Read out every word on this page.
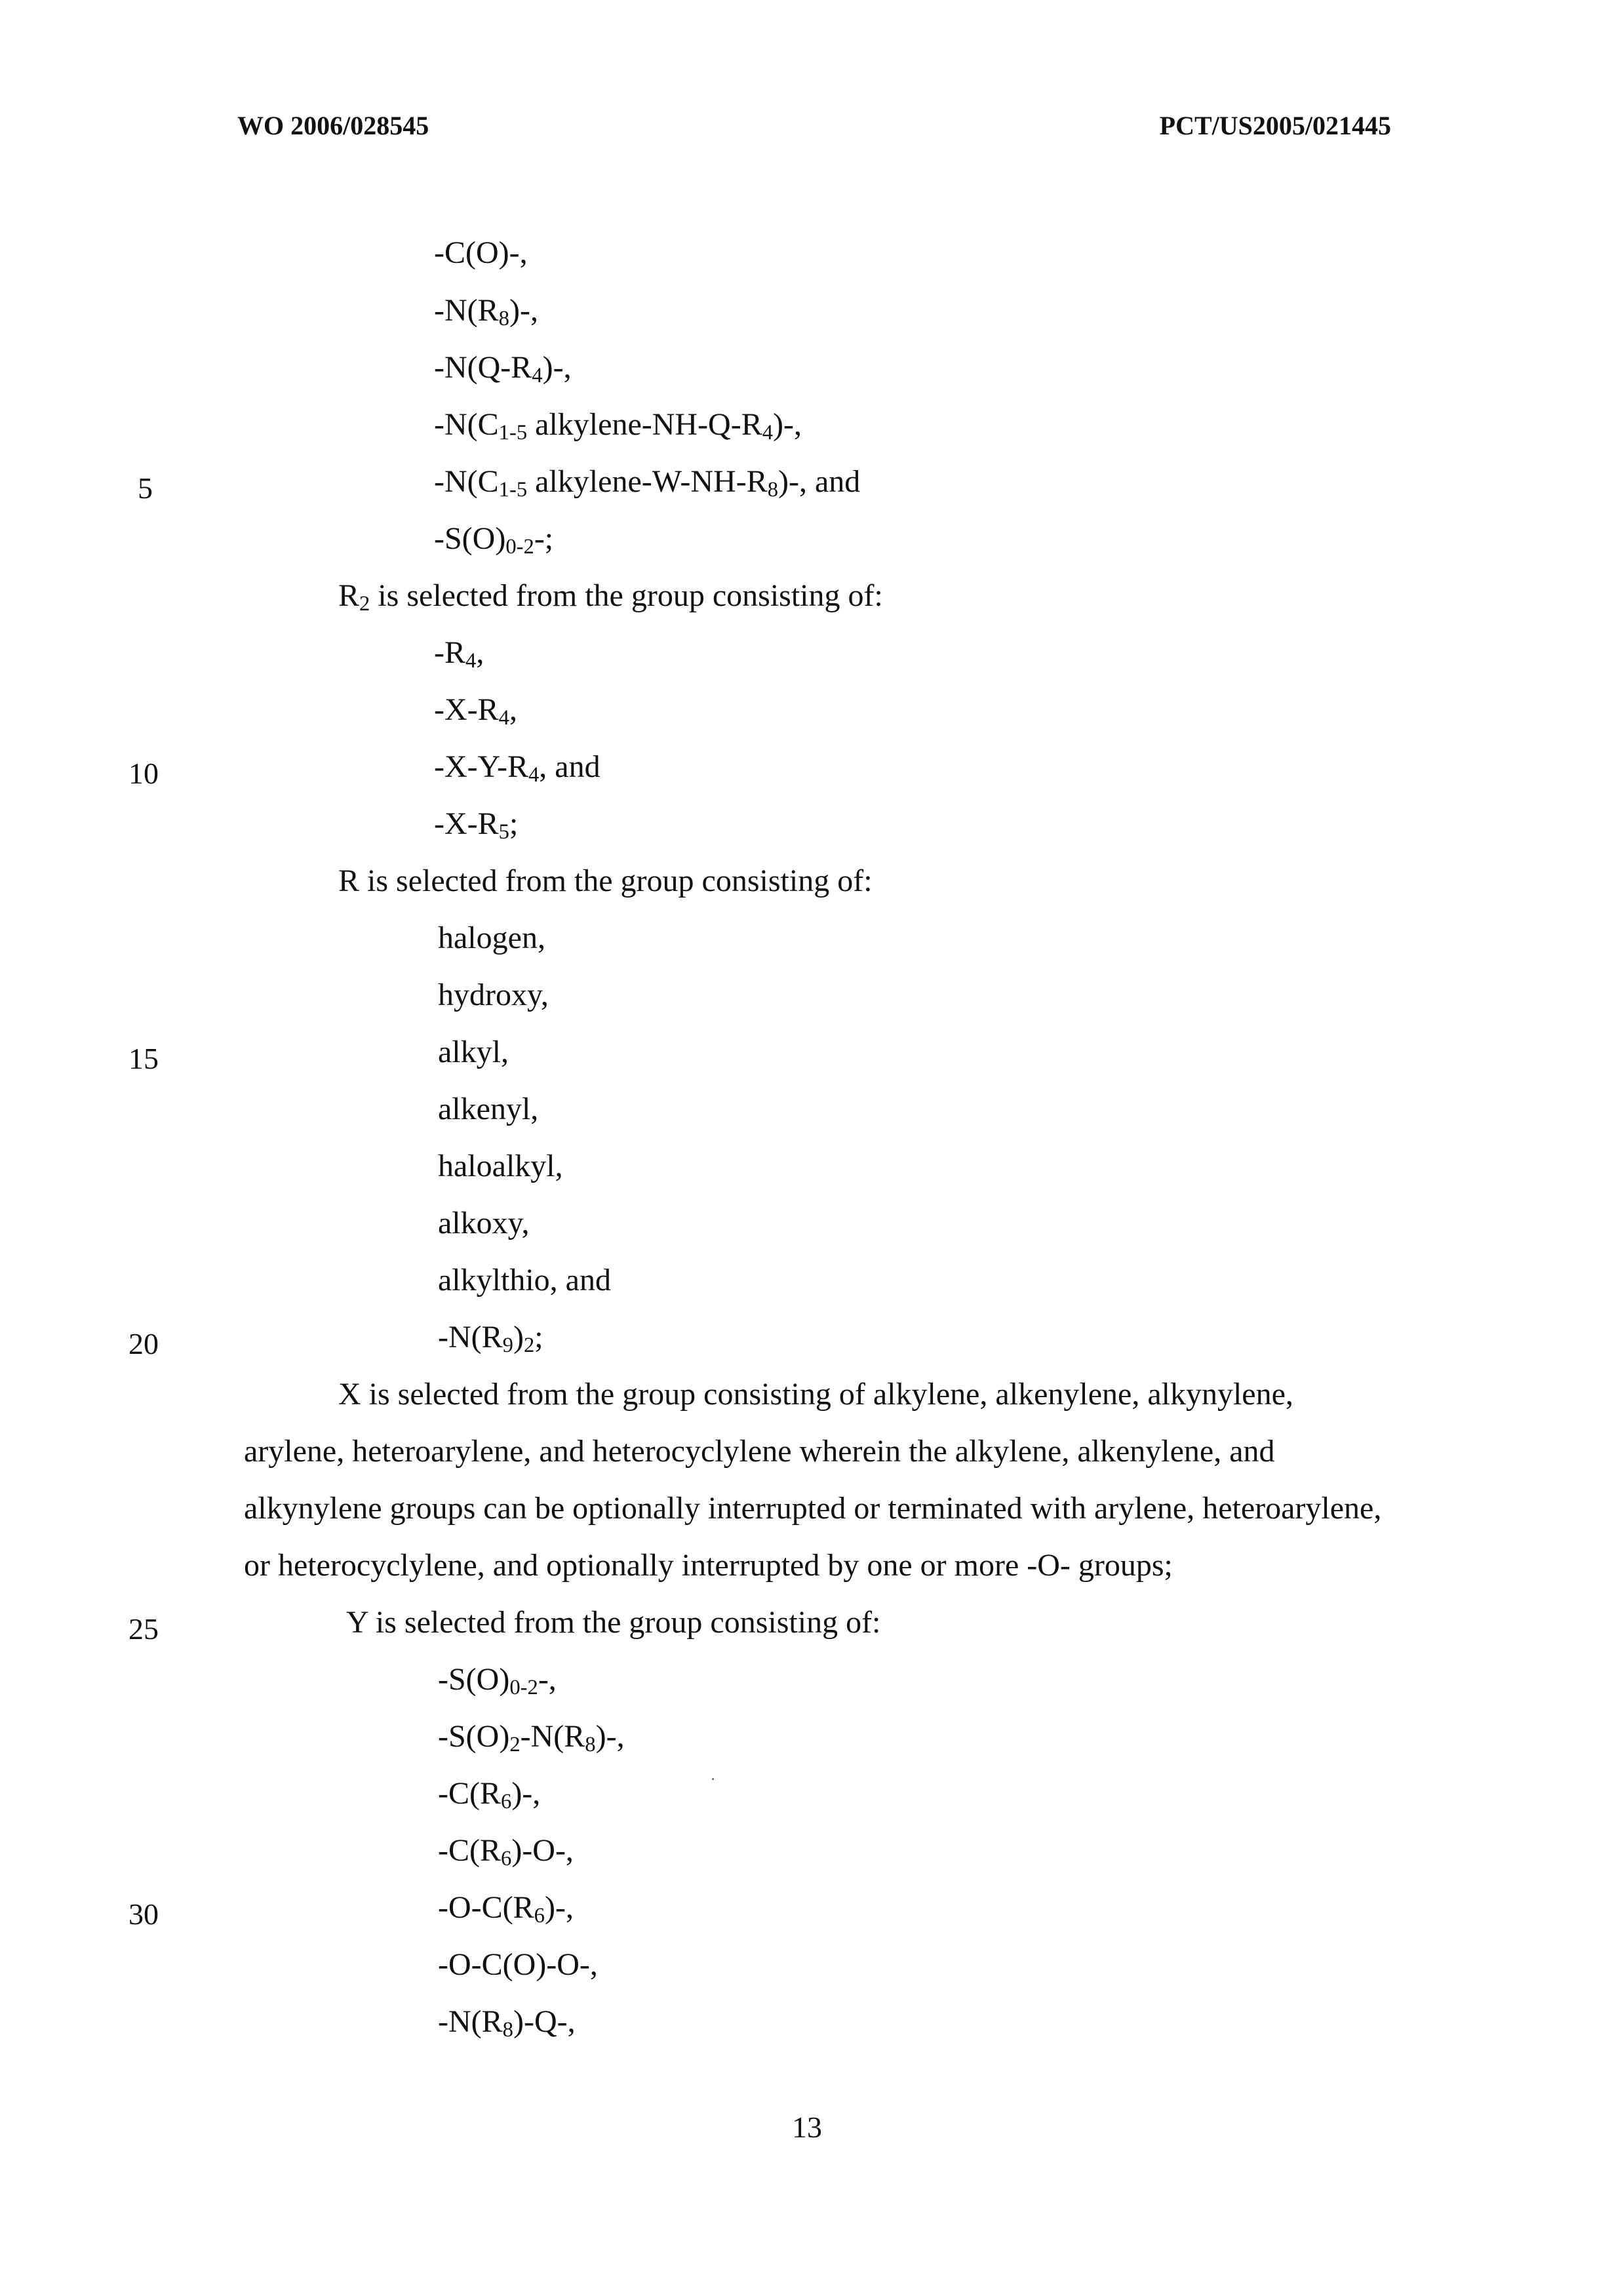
WO 2006/028545	PCT/US2005/021445
-C(O)-,
$-N(R_8)-$,
$-N(Q-R_4)-$,
$-N(C_{1-5}$ alkylene-$NH-Q-R_4)-$,
$-N(C_{1-5}$ alkylene-$W-NH-R_8)-$, and
$-S(O)_{0-2}-$;
$R_2$ is selected from the group consisting of:
$-R_4$,
$-X-R_4$,
$-X-Y-R_4$, and
$-X-R_5$;
R is selected from the group consisting of:
halogen,
hydroxy,
alkyl,
alkenyl,
haloalkyl,
alkoxy,
alkylthio, and
$-N(R_9)_2$;
X is selected from the group consisting of alkylene, alkenylene, alkynylene,
arylene, heteroarylene, and heterocyclylene wherein the alkylene, alkenylene, and
alkynylene groups can be optionally interrupted or terminated with arylene, heteroarylene,
or heterocyclylene, and optionally interrupted by one or more -O- groups;
Y is selected from the group consisting of:
$-S(O)_{0-2}-$,
$-S(O)_2-N(R_8)-$,
$-C(R_6)-$,
$-C(R_6)-O-$,
$-O-C(R_6)-$,
-O-C(O)-O-,
$-N(R_8)-Q-$,
5
10
15
20
25
30
13
